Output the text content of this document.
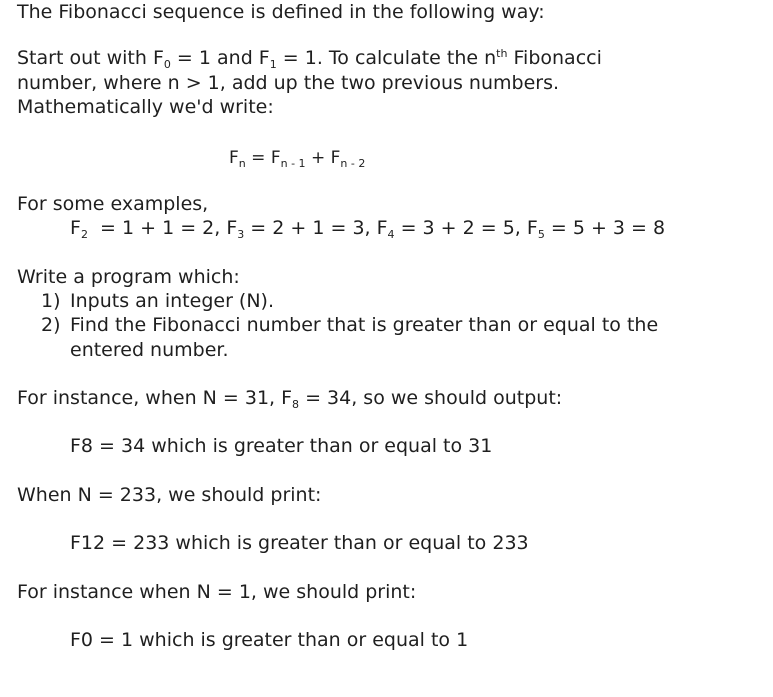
The Fibonacci sequence is defined in the following way:
Start out with $F_0 = 1$ and $F_1 = 1$. To calculate the $n^{th}$ Fibonacci
number, where n > 1, add up the two previous numbers.
Mathematically we'd write:
$F_n = F_{n - 1} + F_{n - 2}$
For some examples,
$F_2 = 1 + 1 = 2$, $F_3 = 2 + 1 = 3$, $F_4 = 3 + 2 = 5$, $F_5 = 5 + 3 = 8$
Write a program which:
1) Inputs an integer (N).
2) Find the Fibonacci number that is greater than or equal to the
entered number.
For instance, when N = 31, $F_8 = 34$, so we should output:
F8 = 34 which is greater than or equal to 31
When N = 233, we should print:
F12 = 233 which is greater than or equal to 233
For instance when N = 1, we should print:
F0 = 1 which is greater than or equal to 1
